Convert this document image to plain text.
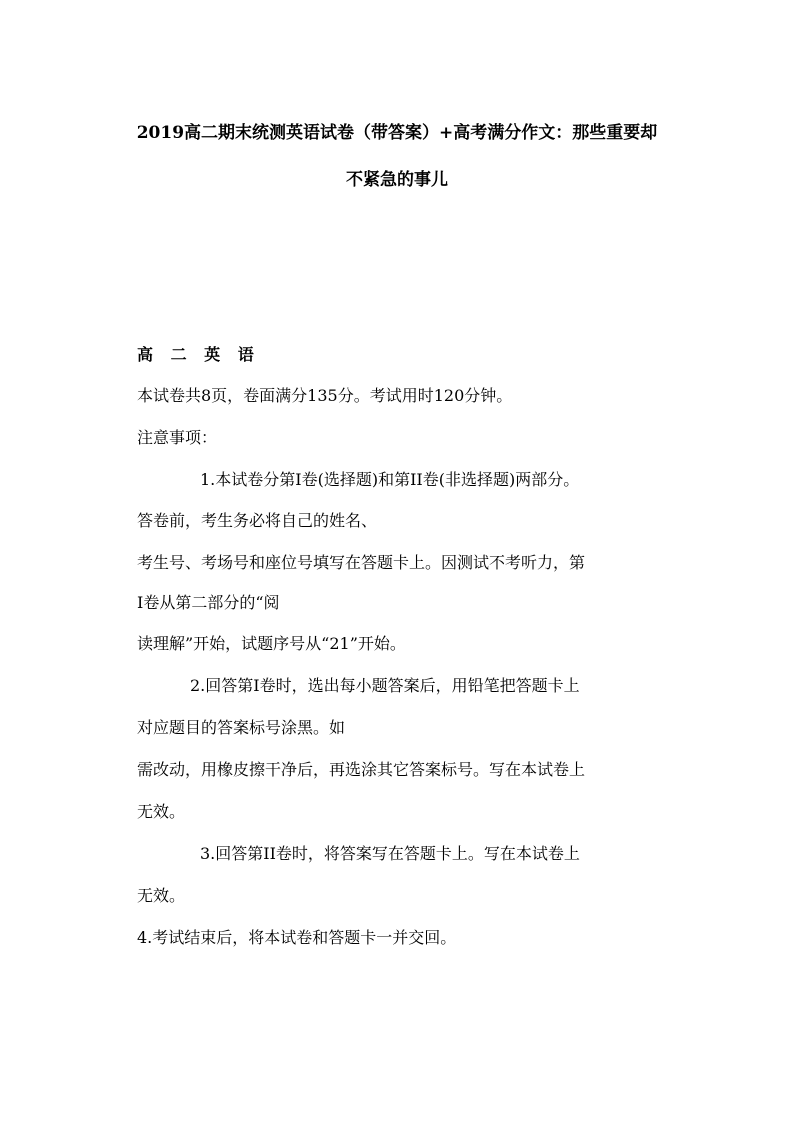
2019高二期末统测英语试卷（带答案）+高考满分作文：那些重要却
不紧急的事儿
高 二 英 语
本试卷共8页，卷面满分135分。考试用时120分钟。
注意事项：
1.本试卷分第I卷(选择题)和第II卷(非选择题)两部分。
答卷前，考生务必将自己的姓名、
考生号、考场号和座位号填写在答题卡上。因测试不考听力，第
I卷从第二部分的“阅
读理解”开始，试题序号从“21”开始。
2.回答第I卷时，选出每小题答案后，用铅笔把答题卡上
对应题目的答案标号涂黑。如
需改动，用橡皮擦干净后，再选涂其它答案标号。写在本试卷上
无效。
3.回答第II卷时，将答案写在答题卡上。写在本试卷上
无效。
4.考试结束后，将本试卷和答题卡一并交回。
